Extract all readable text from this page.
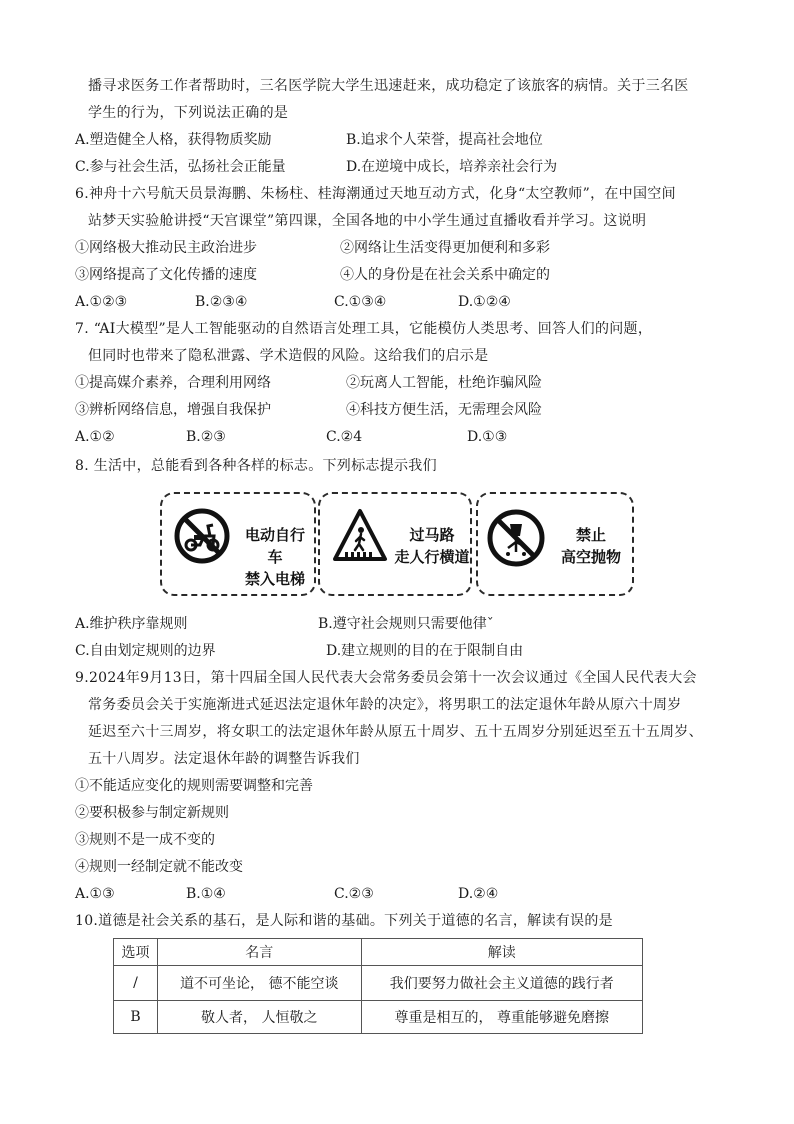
播寻求医务工作者帮助时，三名医学院大学生迅速赶来，成功稳定了该旅客的病情。关于三名医
学生的行为，下列说法正确的是
A.塑造健全人格，获得物质奖励	B.追求个人荣誉，提高社会地位
C.参与社会生活，弘扬社会正能量	D.在逆境中成长，培养亲社会行为
6.神舟十六号航天员景海鹏、朱杨柱、桂海潮通过天地互动方式，化身“太空教师”，在中国空间
站梦天实验舱讲授“天宫课堂”第四课，全国各地的中小学生通过直播收看并学习。这说明
①网络极大推动民主政治进步	②网络让生活变得更加便利和多彩
③网络提高了文化传播的速度	④人的身份是在社会关系中确定的
A.①②③	B.②③④	C.①③④	D.①②④
7. “AI大模型”是人工智能驱动的自然语言处理工具，它能模仿人类思考、回答人们的问题，
但同时也带来了隐私泄露、学术造假的风险。这给我们的启示是
①提高媒介素养，合理利用网络	②玩离人工智能，杜绝诈骗风险
③辨析网络信息，增强自我保护	④科技方便生活，无需理会风险
A.①②	B.②③	C.②4	D.①③
8. 生活中，总能看到各种各样的标志。下列标志提示我们
电动自行车
禁入电梯
过马路
走人行横道
禁止
高空抛物
A.维护秩序靠规则	B.遵守社会规则只需要他律ˇ
C.自由划定规则的边界	D.建立规则的目的在于限制自由
9.2024年9月13日，第十四届全国人民代表大会常务委员会第十一次会议通过《全国人民代表大会
常务委员会关于实施渐进式延迟法定退休年龄的决定》，将男职工的法定退休年龄从原六十周岁
延迟至六十三周岁，将女职工的法定退休年龄从原五十周岁、五十五周岁分别延迟至五十五周岁、
五十八周岁。法定退休年龄的调整告诉我们
①不能适应变化的规则需要调整和完善
②要积极参与制定新规则
③规则不是一成不变的
④规则一经制定就不能改变
A.①③	B.①④	C.②③	D.②④
10.道德是社会关系的基石，是人际和谐的基础。下列关于道德的名言，解读有误的是
选项	名言	解读
/	道不可坐论， 德不能空谈	我们要努力做社会主义道德的践行者
B	敬人者， 人恒敬之	尊重是相互的， 尊重能够避免磨擦
